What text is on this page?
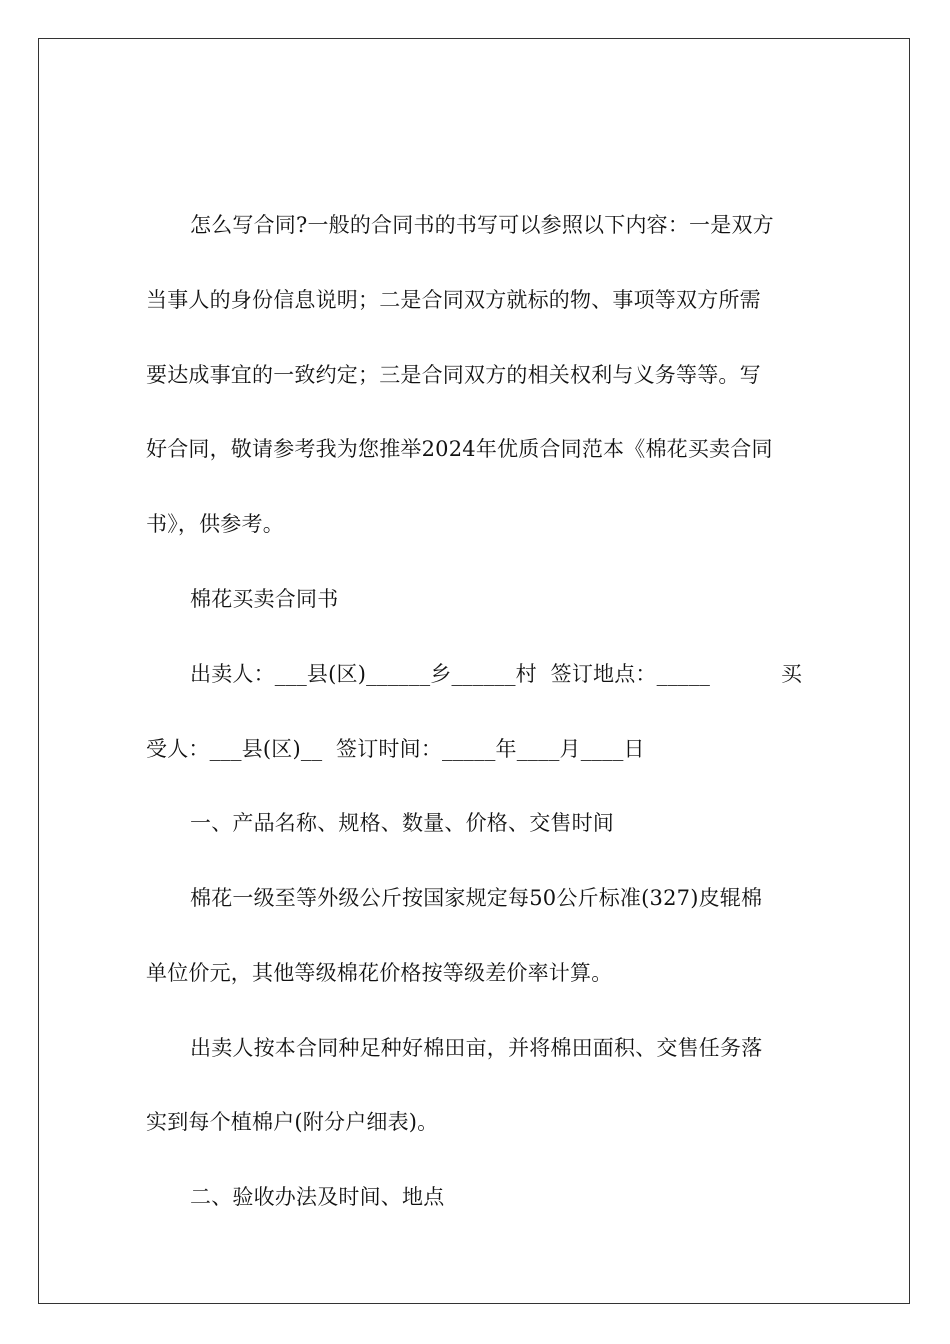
怎么写合同?一般的合同书的书写可以参照以下内容：一是双方
当事人的身份信息说明；二是合同双方就标的物、事项等双方所需
要达成事宜的一致约定；三是合同双方的相关权利与义务等等。写
好合同，敬请参考我为您推举2024年优质合同范本《棉花买卖合同
书》，供参考。
棉花买卖合同书
出卖人：___县(区)______乡______村  签订地点：_____	买
受人：___县(区)__  签订时间：_____年____月____日
一、产品名称、规格、数量、价格、交售时间
棉花一级至等外级公斤按国家规定每50公斤标准(327)皮辊棉
单位价元，其他等级棉花价格按等级差价率计算。
出卖人按本合同种足种好棉田亩，并将棉田面积、交售任务落
实到每个植棉户(附分户细表)。
二、验收办法及时间、地点
